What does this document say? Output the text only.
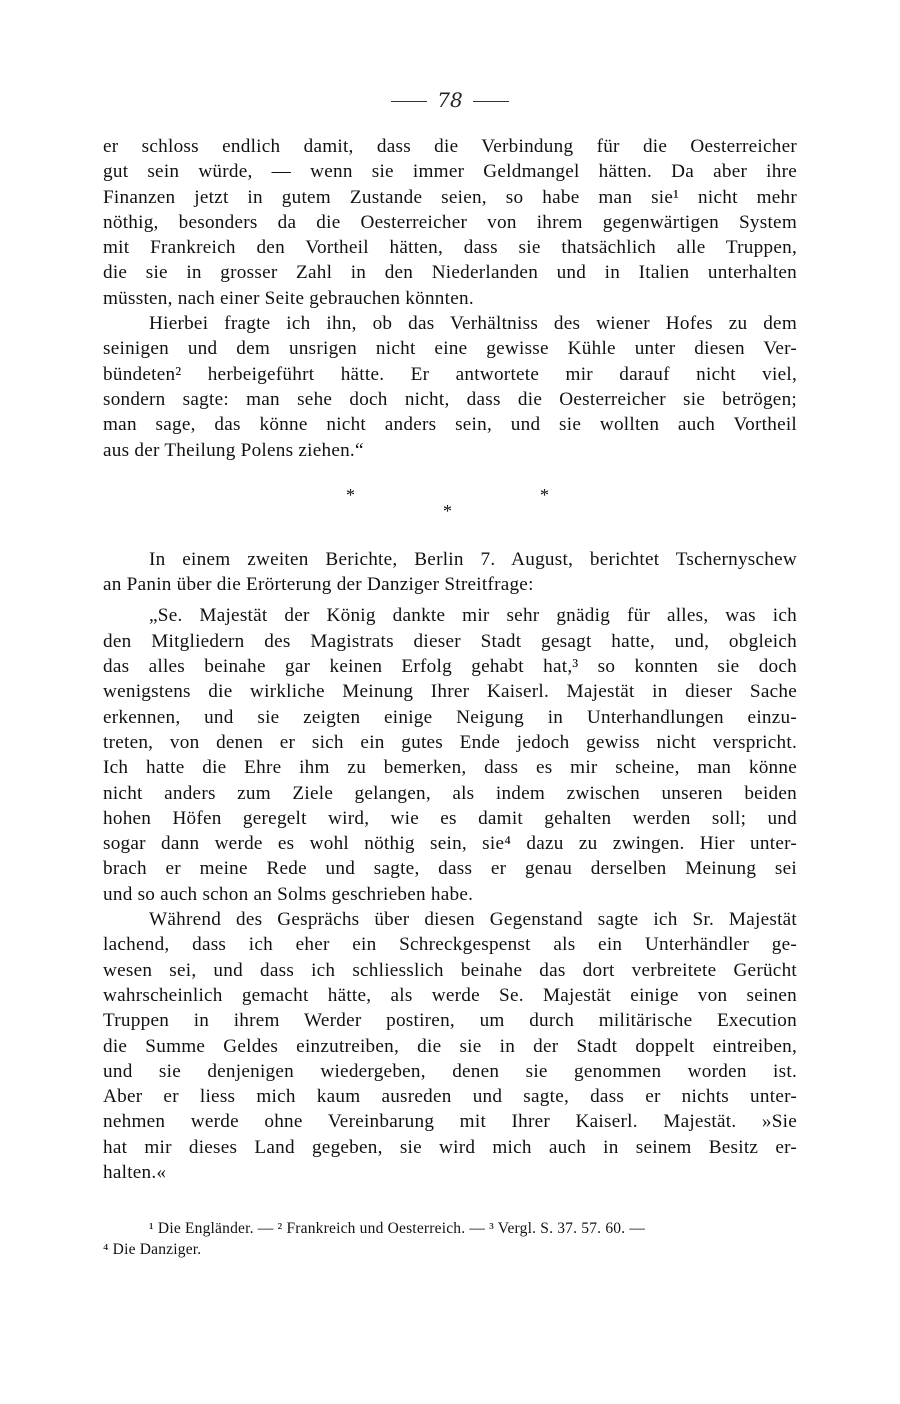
78
er schloss endlich damit, dass die Verbindung für die Oesterreicher
gut sein würde, — wenn sie immer Geldmangel hätten. Da aber ihre
Finanzen jetzt in gutem Zustande seien, so habe man sie¹ nicht mehr
nöthig, besonders da die Oesterreicher von ihrem gegenwärtigen System
mit Frankreich den Vortheil hätten, dass sie thatsächlich alle Truppen,
die sie in grosser Zahl in den Niederlanden und in Italien unterhalten
müssten, nach einer Seite gebrauchen könnten.
Hierbei fragte ich ihn, ob das Verhältniss des wiener Hofes zu dem
seinigen und dem unsrigen nicht eine gewisse Kühle unter diesen Ver-
bündeten² herbeigeführt hätte. Er antwortete mir darauf nicht viel,
sondern sagte: man sehe doch nicht, dass die Oesterreicher sie betrögen;
man sage, das könne nicht anders sein, und sie wollten auch Vortheil
aus der Theilung Polens ziehen.“
*	*
*
In einem zweiten Berichte, Berlin 7. August, berichtet Tschernyschew
an Panin über die Erörterung der Danziger Streitfrage:
„Se. Majestät der König dankte mir sehr gnädig für alles, was ich
den Mitgliedern des Magistrats dieser Stadt gesagt hatte, und, obgleich
das alles beinahe gar keinen Erfolg gehabt hat,³ so konnten sie doch
wenigstens die wirkliche Meinung Ihrer Kaiserl. Majestät in dieser Sache
erkennen, und sie zeigten einige Neigung in Unterhandlungen einzu-
treten, von denen er sich ein gutes Ende jedoch gewiss nicht verspricht.
Ich hatte die Ehre ihm zu bemerken, dass es mir scheine, man könne
nicht anders zum Ziele gelangen, als indem zwischen unseren beiden
hohen Höfen geregelt wird, wie es damit gehalten werden soll; und
sogar dann werde es wohl nöthig sein, sie⁴ dazu zu zwingen. Hier unter-
brach er meine Rede und sagte, dass er genau derselben Meinung sei
und so auch schon an Solms geschrieben habe.
Während des Gesprächs über diesen Gegenstand sagte ich Sr. Majestät
lachend, dass ich eher ein Schreckgespenst als ein Unterhändler ge-
wesen sei, und dass ich schliesslich beinahe das dort verbreitete Gerücht
wahrscheinlich gemacht hätte, als werde Se. Majestät einige von seinen
Truppen in ihrem Werder postiren, um durch militärische Execution
die Summe Geldes einzutreiben, die sie in der Stadt doppelt eintreiben,
und sie denjenigen wiedergeben, denen sie genommen worden ist.
Aber er liess mich kaum ausreden und sagte, dass er nichts unter-
nehmen werde ohne Vereinbarung mit Ihrer Kaiserl. Majestät. »Sie
hat mir dieses Land gegeben, sie wird mich auch in seinem Besitz er-
halten.«
¹ Die Engländer. — ² Frankreich und Oesterreich. — ³ Vergl. S. 37. 57. 60. —
⁴ Die Danziger.
